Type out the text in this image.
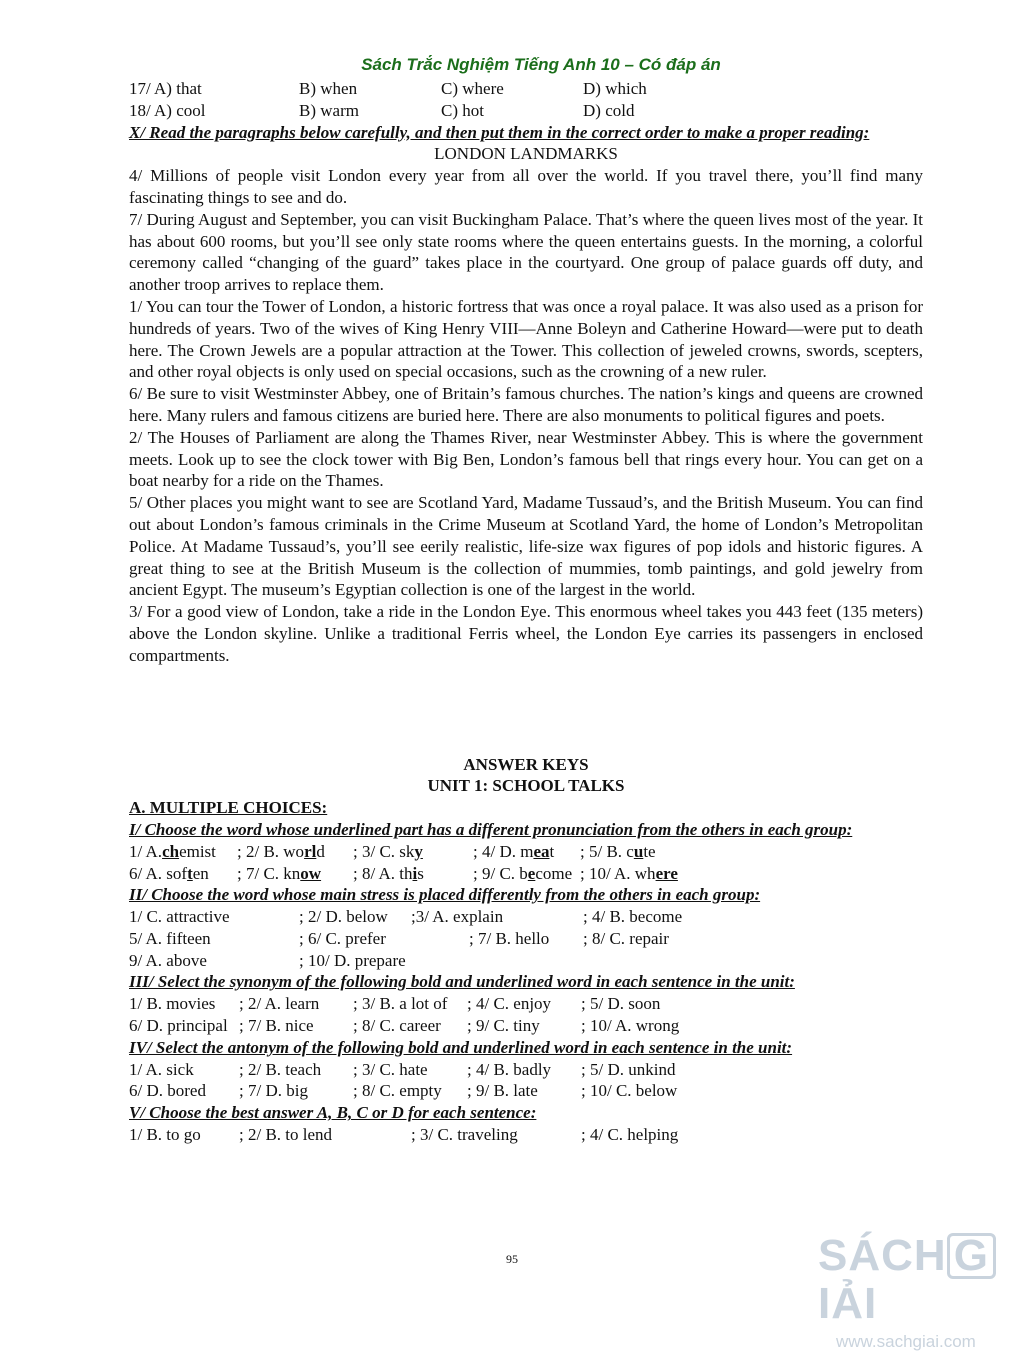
Sách Trắc Nghiệm Tiếng Anh 10 – Có đáp án
17/ A) that	B) when	C) where	D) which
18/ A) cool	B) warm	C) hot	D) cold
X/ Read the paragraphs below carefully, and then put them in the correct order to make a proper reading:
LONDON LANDMARKS

4/ Millions of people visit London every year from all over the world. If you travel there, you’ll find many fascinating things to see and do.

7/ During August and September, you can visit Buckingham Palace. That’s where the queen lives most of the year. It has about 600 rooms, but you’ll see only state rooms where the queen entertains guests. In the morning, a colorful ceremony called “changing of the guard” takes place in the courtyard. One group of palace guards off duty, and another troop arrives to replace them.

1/ You can tour the Tower of London, a historic fortress that was once a royal palace. It was also used as a prison for hundreds of years. Two of the wives of King Henry VIII—Anne Boleyn and Catherine Howard—were put to death here. The Crown Jewels are a popular attraction at the Tower. This collection of jeweled crowns, swords, scepters, and other royal objects is only used on special occasions, such as the crowning of a new ruler.

6/ Be sure to visit Westminster Abbey, one of Britain’s famous churches. The nation’s kings and queens are crowned here. Many rulers and famous citizens are buried here. There are also monuments to political figures and poets.

2/ The Houses of Parliament are along the Thames River, near Westminster Abbey. This is where the government meets. Look up to see the clock tower with Big Ben, London’s famous bell that rings every hour. You can get on a boat nearby for a ride on the Thames.

5/ Other places you might want to see are Scotland Yard, Madame Tussaud’s, and the British Museum. You can find out about London’s famous criminals in the Crime Museum at Scotland Yard, the home of London’s Metropolitan Police. At Madame Tussaud’s, you’ll see eerily realistic, life-size wax figures of pop idols and historic figures. A great thing to see at the British Museum is the collection of mummies, tomb paintings, and gold jewelry from ancient Egypt. The museum’s Egyptian collection is one of the largest in the world.

3/ For a good view of London, take a ride in the London Eye. This enormous wheel takes you 443 feet (135 meters) above the London skyline. Unlike a traditional Ferris wheel, the London Eye carries its passengers in enclosed compartments.

ANSWER KEYS
UNIT 1: SCHOOL TALKS
A. MULTIPLE CHOICES:
I/ Choose the word whose underlined part has a different pronunciation from the others in each group:
1/ A.chemist	; 2/ B. world	; 3/ C. sky	; 4/ D. meat	; 5/ B. cute
6/ A. soften	; 7/ C. know	; 8/ A. this	; 9/ C. become ; 10/ A. where
II/ Choose the word whose main stress is placed differently from the others in each group:
1/ C. attractive	; 2/ D. below	;3/ A. explain	; 4/ B. become
5/ A. fifteen	; 6/ C. prefer	; 7/ B. hello	; 8/ C. repair
9/ A. above	; 10/ D. prepare
III/ Select the synonym of the following bold and underlined word in each sentence in the unit:
1/ B. movies	; 2/ A. learn	; 3/ B. a lot of	; 4/ C. enjoy	; 5/ D. soon
6/ D. principal ; 7/ B. nice	; 8/ C. career	; 9/ C. tiny	; 10/ A. wrong
IV/ Select the antonym of the following bold and underlined word in each sentence in the unit:
1/ A. sick	; 2/ B. teach	; 3/ C. hate	; 4/ B. badly	; 5/ D. unkind
6/ D. bored	; 7/ D. big	; 8/ C. empty	; 9/ B. late	; 10/ C. below
V/ Choose the best answer A, B, C or D for each sentence:
1/ B. to go	; 2/ B. to lend	; 3/ C. traveling	; 4/ C. helping
95	SÁCH GIẢI
www.sachgiai.com
